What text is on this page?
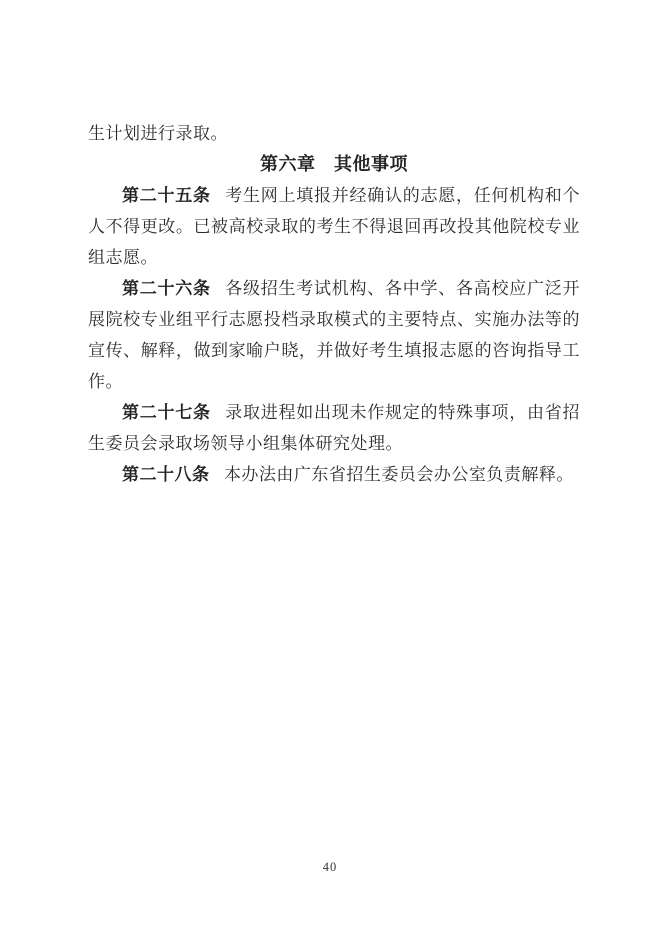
生计划进行录取。

第六章　其他事项

第二十五条 考生网上填报并经确认的志愿，任何机构和个人不得更改。已被高校录取的考生不得退回再改投其他院校专业组志愿。

第二十六条 各级招生考试机构、各中学、各高校应广泛开展院校专业组平行志愿投档录取模式的主要特点、实施办法等的宣传、解释，做到家喻户晓，并做好考生填报志愿的咨询指导工作。

第二十七条 录取进程如出现未作规定的特殊事项，由省招生委员会录取场领导小组集体研究处理。

第二十八条 本办法由广东省招生委员会办公室负责解释。

40
